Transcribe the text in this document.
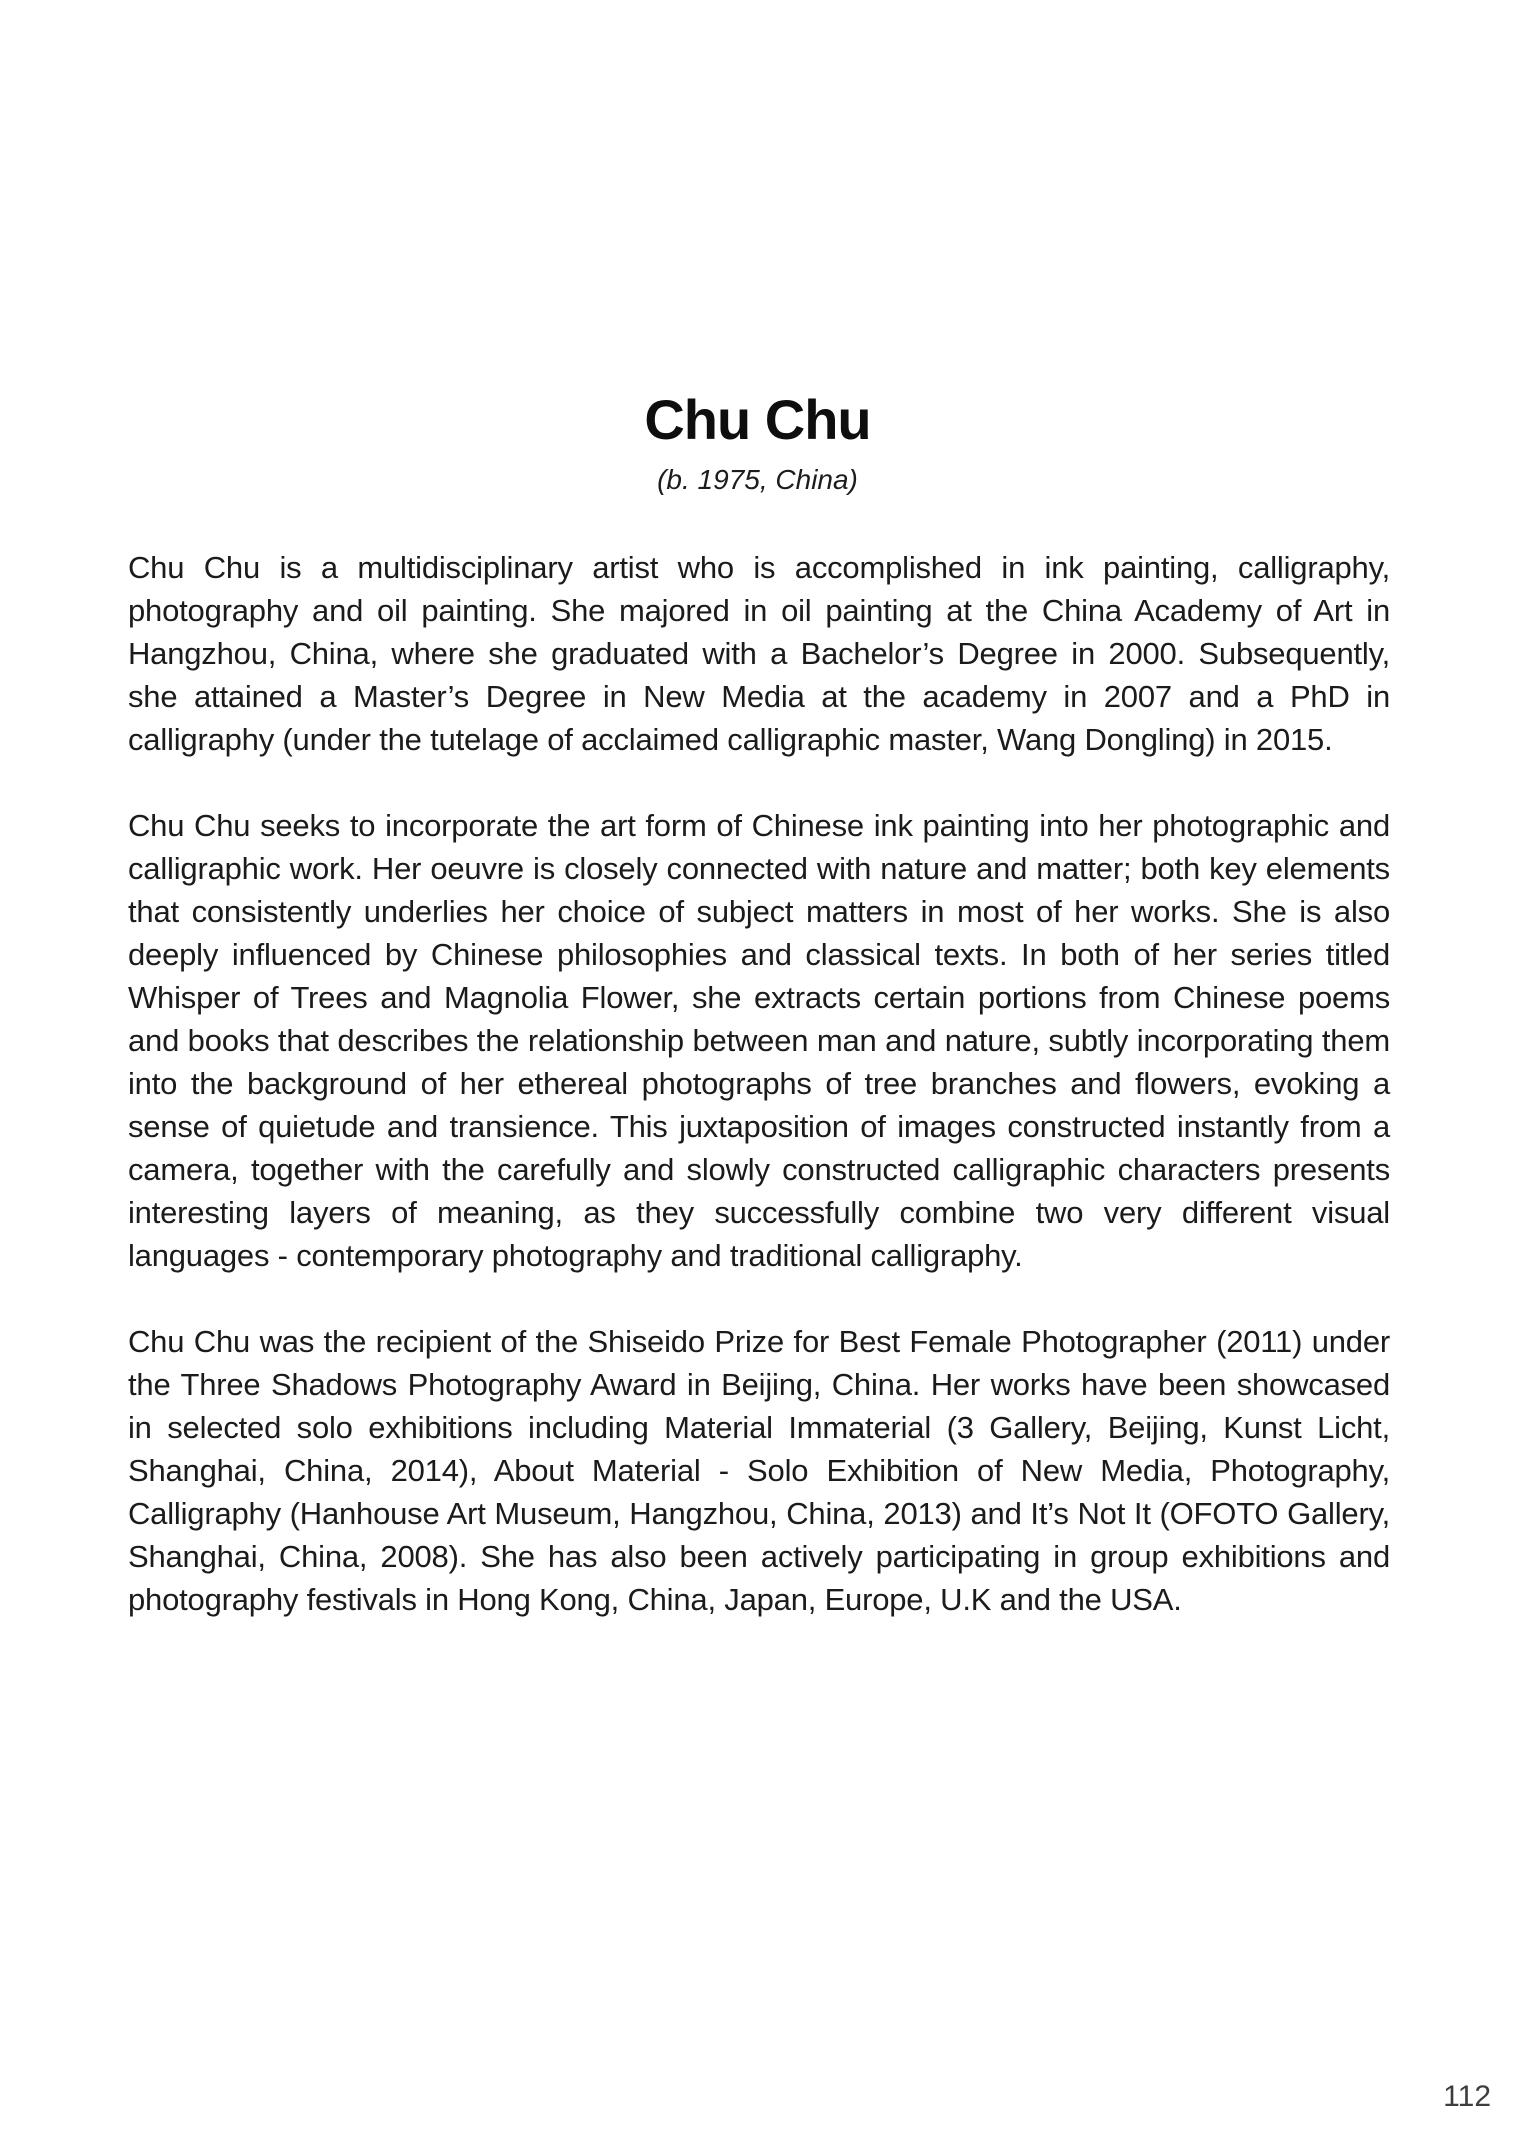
Chu Chu
(b. 1975, China)

Chu Chu is a multidisciplinary artist who is accomplished in ink painting, calligraphy, photography and oil painting. She majored in oil painting at the China Academy of Art in Hangzhou, China, where she graduated with a Bachelor’s Degree in 2000. Subsequently, she attained a Master’s Degree in New Media at the academy in 2007 and a PhD in calligraphy (under the tutelage of acclaimed calligraphic master, Wang Dongling) in 2015.

Chu Chu seeks to incorporate the art form of Chinese ink painting into her photographic and calligraphic work. Her oeuvre is closely connected with nature and matter; both key elements that consistently underlies her choice of subject matters in most of her works. She is also deeply influenced by Chinese philosophies and classical texts. In both of her series titled Whisper of Trees and Magnolia Flower, she extracts certain portions from Chinese poems and books that describes the relationship between man and nature, subtly incorporating them into the background of her ethereal photographs of tree branches and flowers, evoking a sense of quietude and transience. This juxtaposition of images constructed instantly from a camera, together with the carefully and slowly constructed calligraphic characters presents interesting layers of meaning, as they successfully combine two very different visual languages - contemporary photography and traditional calligraphy.

Chu Chu was the recipient of the Shiseido Prize for Best Female Photographer (2011) under the Three Shadows Photography Award in Beijing, China. Her works have been showcased in selected solo exhibitions including Material Immaterial (3 Gallery, Beijing, Kunst Licht, Shanghai, China, 2014), About Material - Solo Exhibition of New Media, Photography, Calligraphy (Hanhouse Art Museum, Hangzhou, China, 2013) and It’s Not It (OFOTO Gallery, Shanghai, China, 2008). She has also been actively participating in group exhibitions and photography festivals in Hong Kong, China, Japan, Europe, U.K and the USA.

112
